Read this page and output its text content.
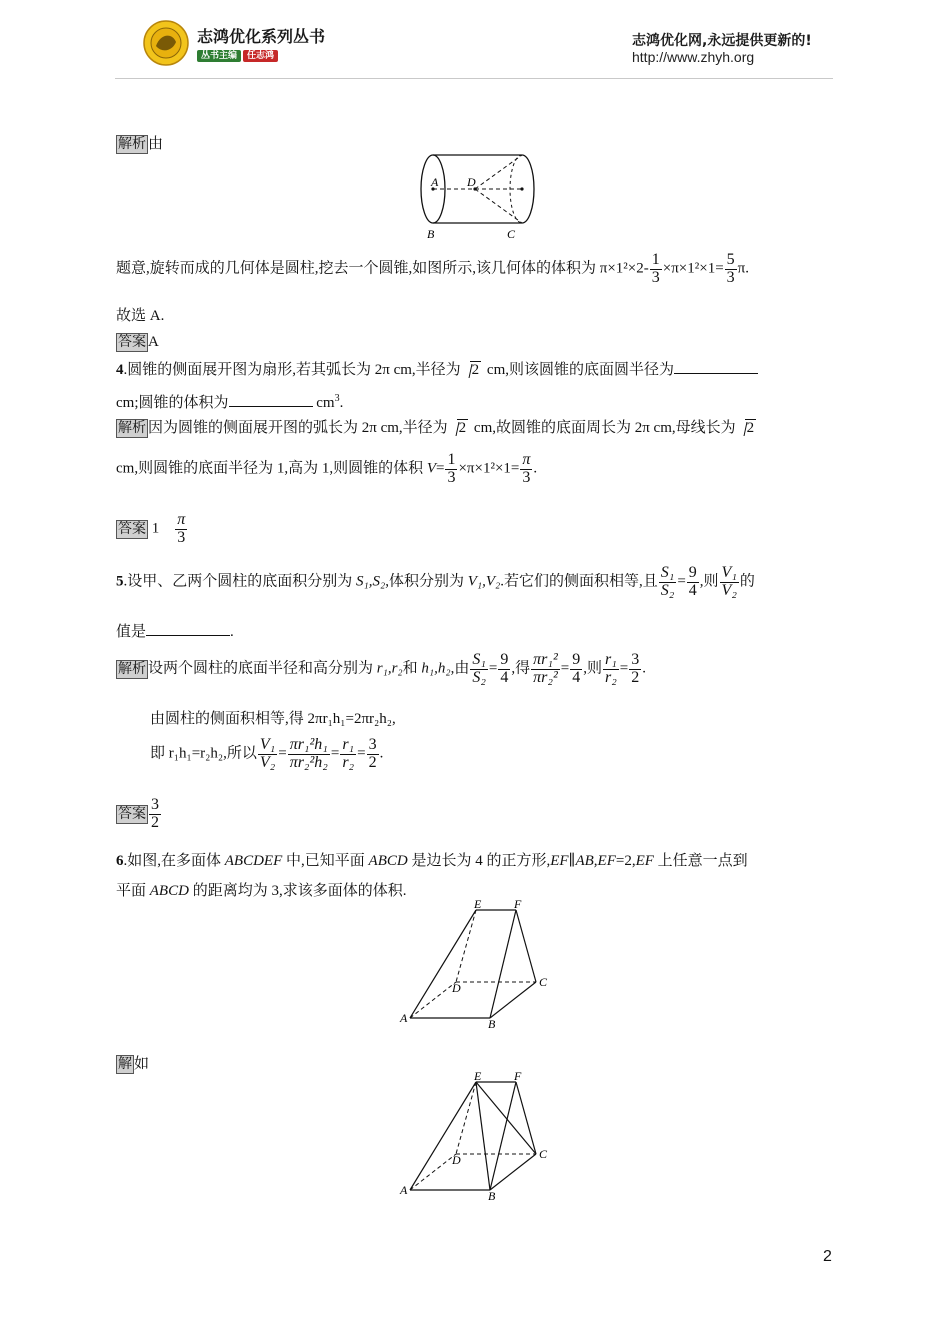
志鸿优化系列丛书
丛书主编 任志鸿
志鸿优化网,永远提供更新的!
http://www.zhyh.org
解析 由
A D
B	C
题意,旋转而成的几何体是圆柱,挖去一个圆锥,如图所示,该几何体的体积为 $\pi\times 1^2\times 2- \frac{1}{3} \times\pi\times 1^2\times 1= \frac{5}{3} \pi$.
故选 A.
答案 A
4.圆锥的侧面展开图为扇形,若其弧长为 2π cm,半径为 2 cm,则该圆锥的底面圆半径为
cm;圆锥的体积为	$cm^3$.
解析 因为圆锥的侧面展开图的弧长为 2π cm,半径为 2 cm,故圆锥的底面周长为 2π cm,母线长为 2
cm,则圆锥的底面半径为 1,高为 1,则圆锥的体积 $V= \frac{1}{3} \times\pi\times 1^2\times 1= \frac{\pi}{3}$ .
答案 $1 \frac{\pi}{3}$
5.设甲、乙两个圆柱的底面积分别为 S₁,S₂,体积分别为 V₁,V₂.若它们的侧面积相等,且 $\frac{\text{S₁}}{\text{S₂}} = \frac{9}{4}$ ,则 $\frac{\text{V₁}}{\text{V₂}}$ 的
值是	.
解析 设两个圆柱的底面半径和高分别为 r₁,r₂和 h₁,h₂,由 $\frac{\text{S₁}}{\text{S₂}} = \frac{9}{4}$ ,得 $\frac{\text{πr₁²}}{\text{πr₂²}} = \frac{9}{4}$ ,则 $\frac{\text{r₁}}{\text{r₂}} = \frac{3}{2}$ .
由圆柱的侧面积相等,得 2πr₁h₁=2πr₂h₂,
即 r₁h₁=r₂h₂,所以 $\frac{\text{V₁}}{\text{V₂}} = \frac{\text{πr₁²h₁}}{\text{πr₂²h₂}} = \frac{\text{r₁}}{\text{r₂}} = \frac{3}{2}$ .
答案 $\frac{3}{2}$
6.如图,在多面体 ABCDEF 中,已知平面 ABCD 是边长为 4 的正方形,EF∥AB,EF=2,EF 上任意一点到
平面 ABCD 的距离均为 3,求该多面体的体积.
E	F
D	C
A	B
解 如
E	F
D	C
A	B
2
